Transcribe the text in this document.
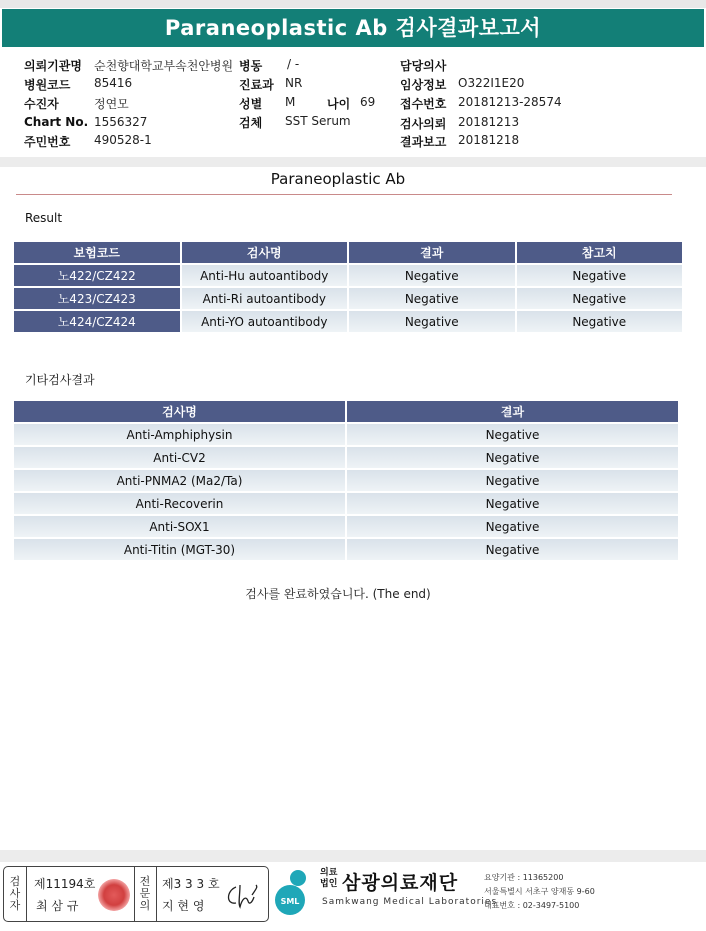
Paraneoplastic Ab 검사결과보고서
의뢰기관명 순천향대학교부속천안병원 병동 / -	담당의사
병원코드 85416	진료과 NR	임상정보 O322I1E20
수진자	정연모	성별 M	나이 69 접수번호 20181213-28574
Chart No. 1556327	검체 SST Serum	검사의뢰 20181213
주민번호 490528-1	결과보고 20181218
Paraneoplastic Ab
Result
보험코드	검사명	결과	참고치
노422/CZ422	Anti-Hu autoantibody	Negative	Negative
노423/CZ423	Anti-Ri autoantibody	Negative	Negative
노424/CZ424	Anti-YO autoantibody	Negative	Negative
기타검사결과
검사명	결과
Anti-Amphiphysin	Negative
Anti-CV2	Negative
Anti-PNMA2 (Ma2/Ta)	Negative
Anti-Recoverin	Negative
Anti-SOX1	Negative
Anti-Titin (MGT-30)	Negative
검사를 완료하였습니다. (The end)
검사자
제11194호
최 삼 규
전문의
제3 3 3 호
지 현 영	SML
의료
법인 삼광의료재단
Samkwang Medical Laboratories
요양기관 : 11365200
서울특별시 서초구 양재동 9-60
대표번호 : 02-3497-5100
